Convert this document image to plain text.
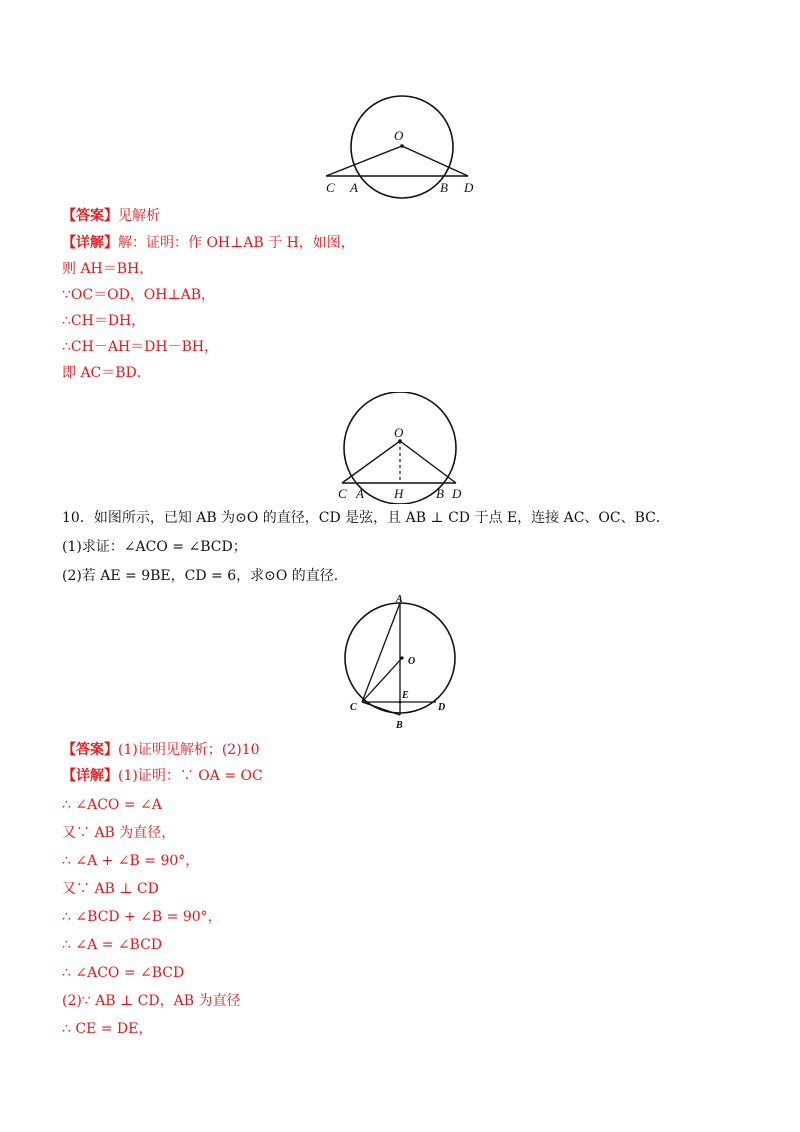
O
C A	B D
【答案】见解析
【详解】解：证明：作 OH⊥AB 于 H，如图，
则 AH＝BH，
∵OC＝OD，OH⊥AB，
∴CH＝DH，
∴CH－AH＝DH－BH，
即 AC＝BD．
O
C A H	B D
10．如图所示，已知 AB 为⊙O 的直径，CD 是弦，且 AB ⊥ CD 于点 E，连接 AC、OC、BC．
(1)求证：∠ACO = ∠BCD；
(2)若 AE = 9BE，CD = 6，求⊙O 的直径．
A
O
E
C	D
B
【答案】(1)证明见解析；(2)10
【详解】(1)证明：∵ OA = OC
∴ ∠ACO = ∠A
又∵ AB 为直径，
∴ ∠A + ∠B = 90°，
又∵ AB ⊥ CD
∴ ∠BCD + ∠B = 90°，
∴ ∠A = ∠BCD
∴ ∠ACO = ∠BCD
(2)∵ AB ⊥ CD，AB 为直径
∴ CE = DE，
